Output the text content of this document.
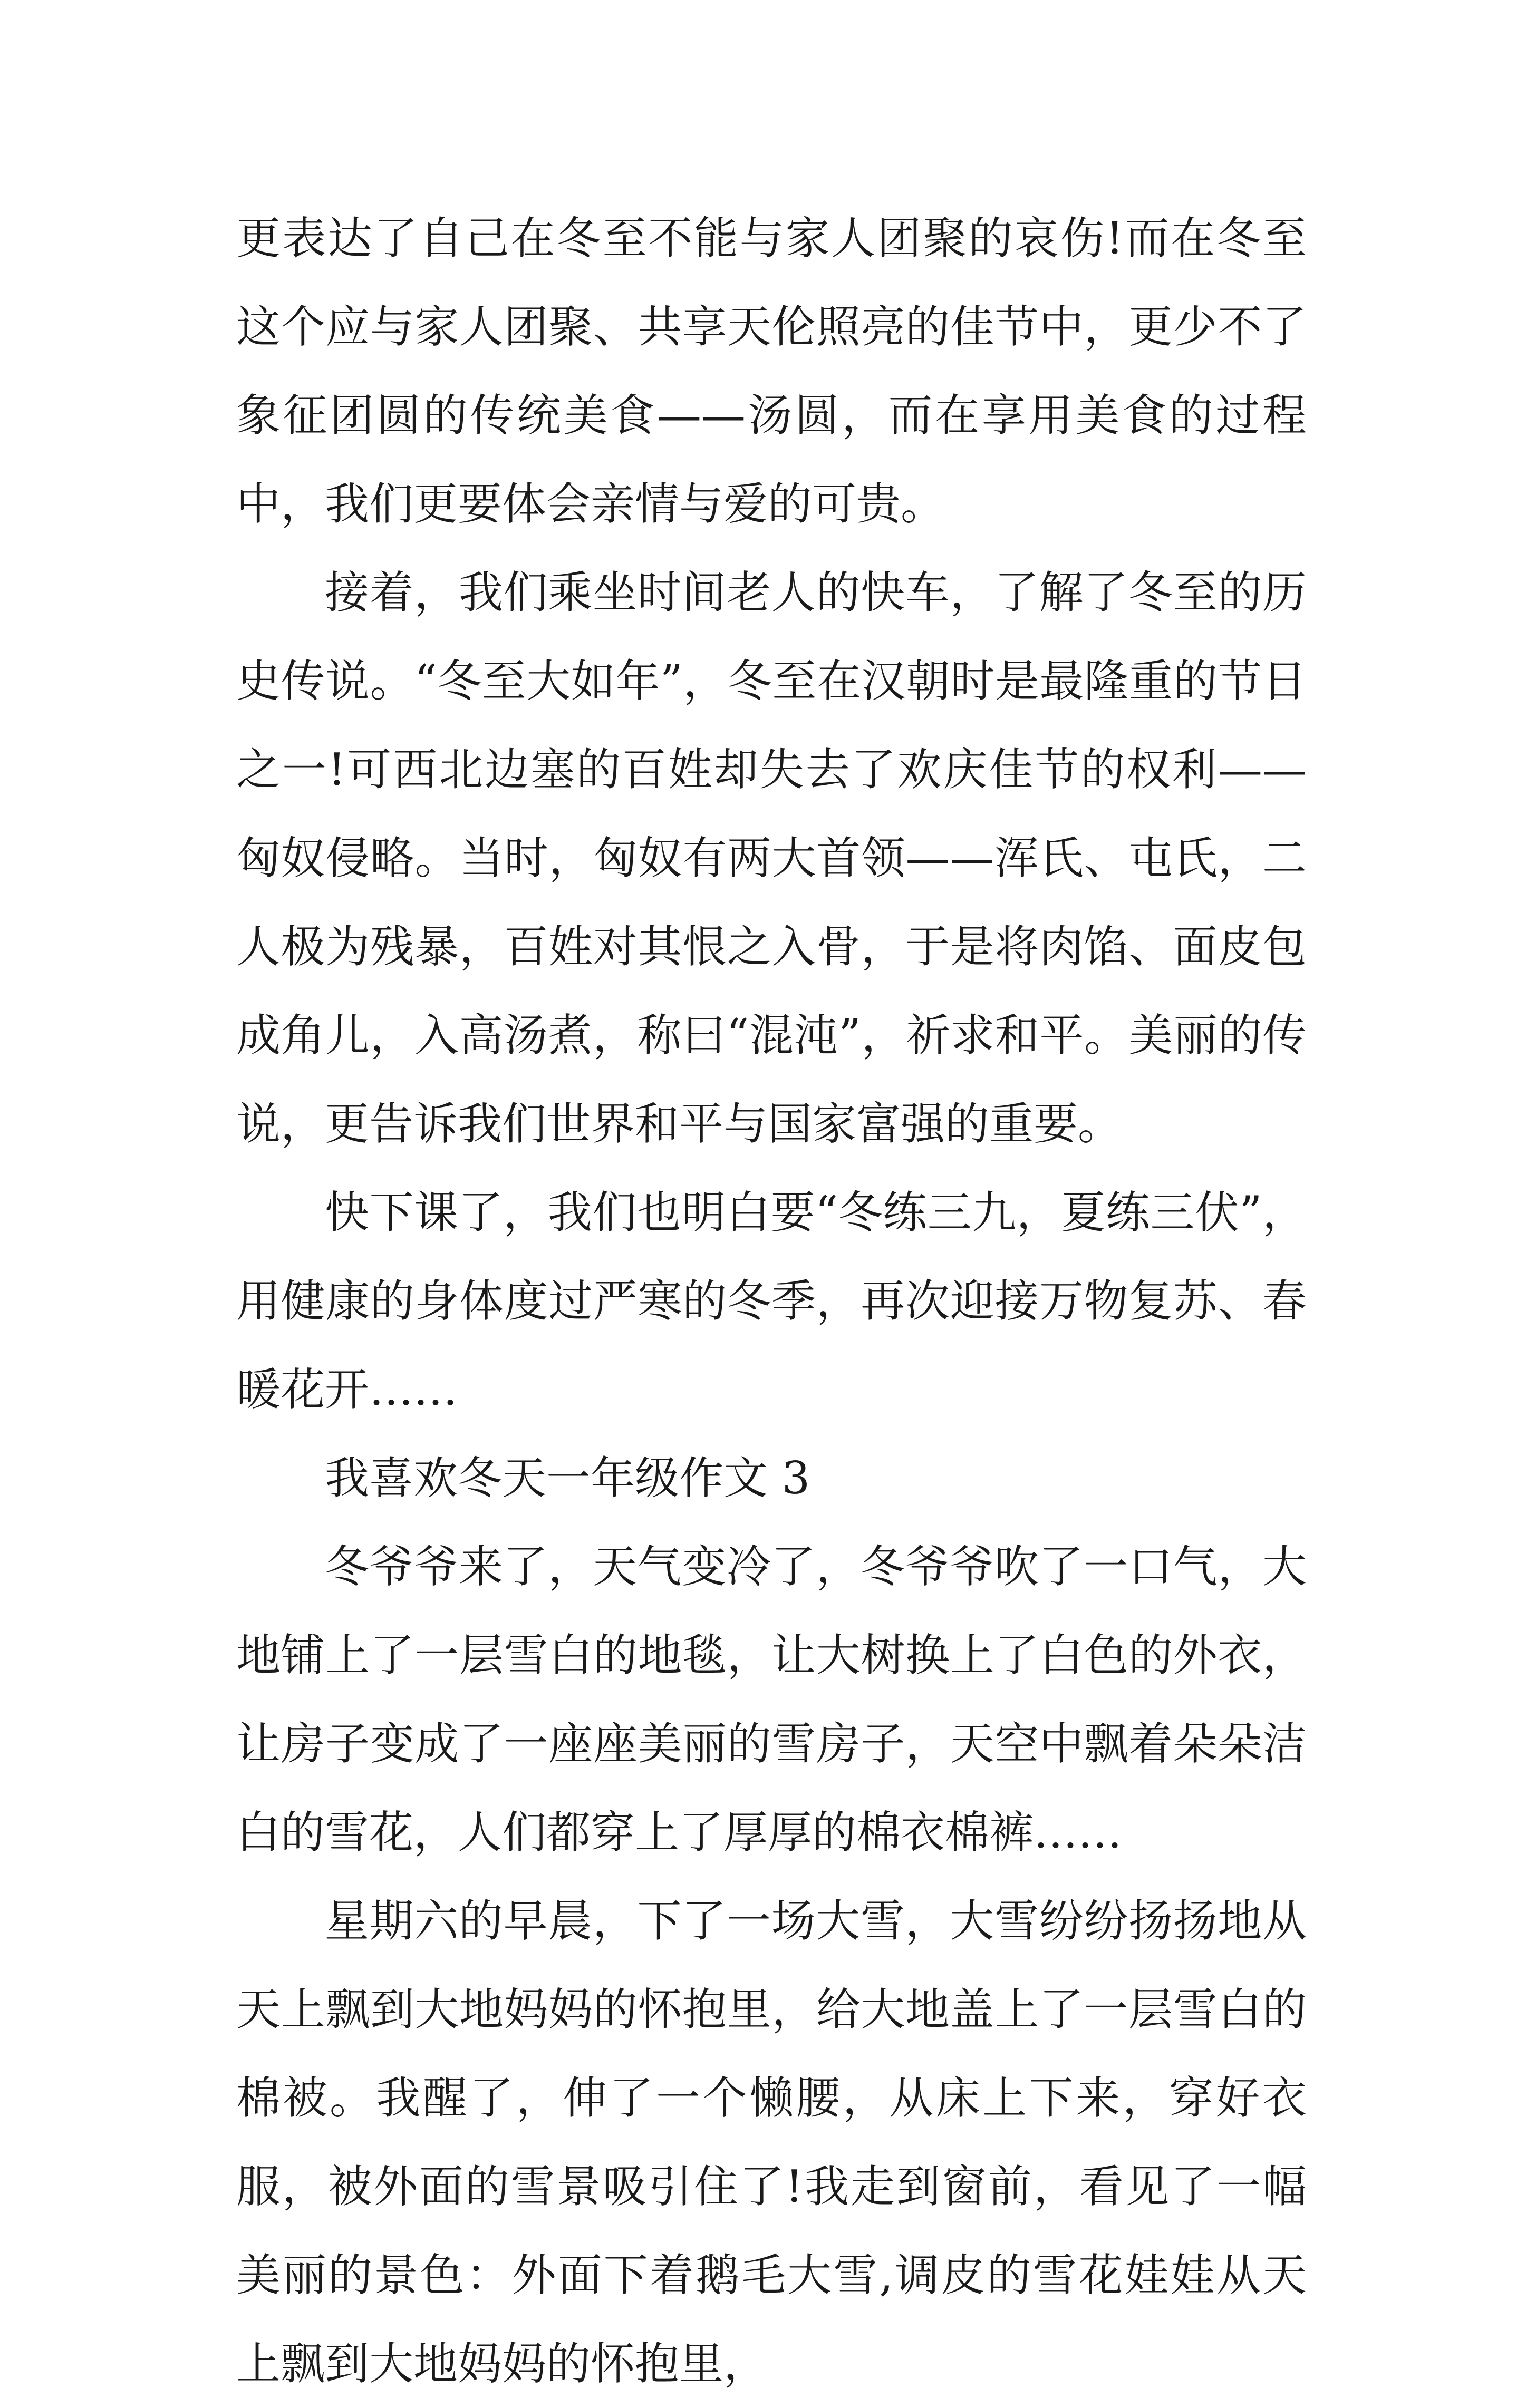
更表达了自己在冬至不能与家人团聚的哀伤!而在冬至这个应与家人团聚、共享天伦照亮的佳节中，更少不了象征团圆的传统美食——汤圆，而在享用美食的过程中，我们更要体会亲情与爱的可贵。

接着，我们乘坐时间老人的快车，了解了冬至的历史传说。“冬至大如年”，冬至在汉朝时是最隆重的节日之一!可西北边塞的百姓却失去了欢庆佳节的权利——匈奴侵略。当时，匈奴有两大首领——浑氏、屯氏，二人极为残暴，百姓对其恨之入骨，于是将肉馅、面皮包成角儿，入高汤煮，称曰“混沌”，祈求和平。美丽的传说，更告诉我们世界和平与国家富强的重要。

快下课了，我们也明白要“冬练三九，夏练三伏”，用健康的身体度过严寒的冬季，再次迎接万物复苏、春暖花开……

我喜欢冬天一年级作文 3

冬爷爷来了，天气变冷了，冬爷爷吹了一口气，大地铺上了一层雪白的地毯，让大树换上了白色的外衣，让房子变成了一座座美丽的雪房子，天空中飘着朵朵洁白的雪花，人们都穿上了厚厚的棉衣棉裤……

星期六的早晨，下了一场大雪，大雪纷纷扬扬地从天上飘到大地妈妈的怀抱里，给大地盖上了一层雪白的棉被。我醒了，伸了一个懒腰，从床上下来，穿好衣服，被外面的雪景吸引住了!我走到窗前，看见了一幅美丽的景色：外面下着鹅毛大雪,调皮的雪花娃娃从天上飘到大地妈妈的怀抱里，
